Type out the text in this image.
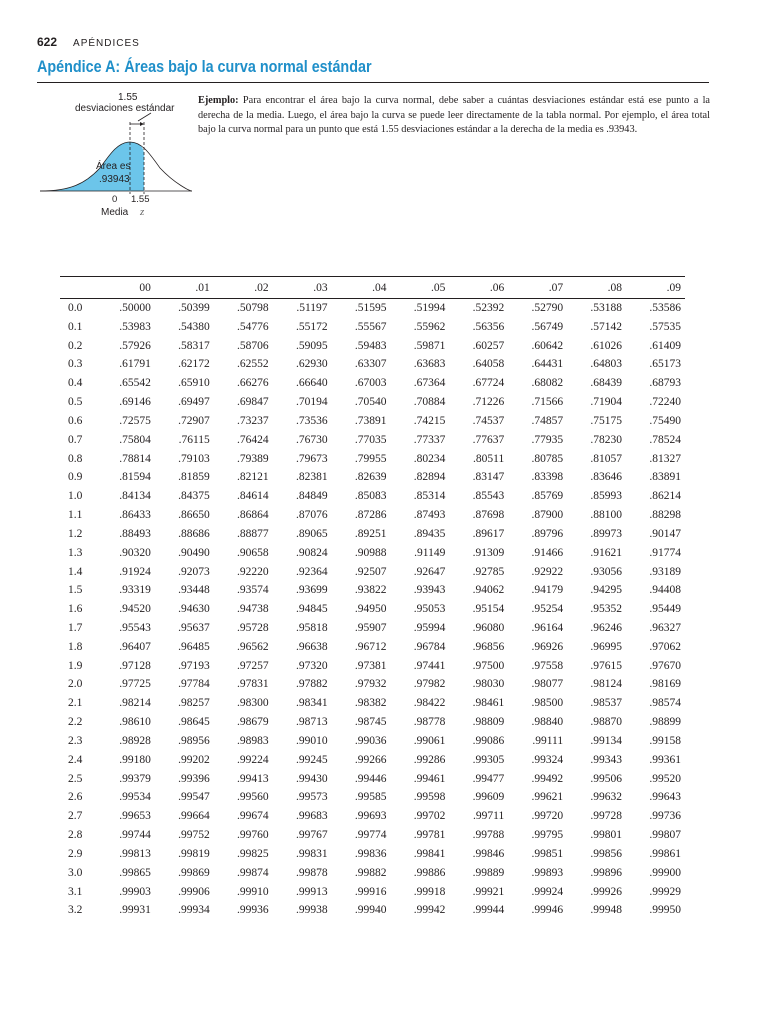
622 APÉNDICES
Apéndice A: Áreas bajo la curva normal estándar
1.55
desviaciones estándar
Área es
.93943
0 1.55
Media z

Ejemplo: Para encontrar el área bajo la curva normal, debe saber a cuántas desviaciones estándar está ese punto a la derecha de la media. Luego, el área bajo la curva se puede leer directamente de la tabla normal. Por ejemplo, el área total bajo la curva normal para un punto que está 1.55 desviaciones estándar a la derecha de la media es .93943.

	00	.01	.02	.03	.04	.05	.06	.07	.08	.09
0.0	.50000	.50399	.50798	.51197	.51595	.51994	.52392	.52790	.53188	.53586
0.1	.53983	.54380	.54776	.55172	.55567	.55962	.56356	.56749	.57142	.57535
0.2	.57926	.58317	.58706	.59095	.59483	.59871	.60257	.60642	.61026	.61409
0.3	.61791	.62172	.62552	.62930	.63307	.63683	.64058	.64431	.64803	.65173
0.4	.65542	.65910	.66276	.66640	.67003	.67364	.67724	.68082	.68439	.68793
0.5	.69146	.69497	.69847	.70194	.70540	.70884	.71226	.71566	.71904	.72240
0.6	.72575	.72907	.73237	.73536	.73891	.74215	.74537	.74857	.75175	.75490
0.7	.75804	.76115	.76424	.76730	.77035	.77337	.77637	.77935	.78230	.78524
0.8	.78814	.79103	.79389	.79673	.79955	.80234	.80511	.80785	.81057	.81327
0.9	.81594	.81859	.82121	.82381	.82639	.82894	.83147	.83398	.83646	.83891
1.0	.84134	.84375	.84614	.84849	.85083	.85314	.85543	.85769	.85993	.86214
1.1	.86433	.86650	.86864	.87076	.87286	.87493	.87698	.87900	.88100	.88298
1.2	.88493	.88686	.88877	.89065	.89251	.89435	.89617	.89796	.89973	.90147
1.3	.90320	.90490	.90658	.90824	.90988	.91149	.91309	.91466	.91621	.91774
1.4	.91924	.92073	.92220	.92364	.92507	.92647	.92785	.92922	.93056	.93189
1.5	.93319	.93448	.93574	.93699	.93822	.93943	.94062	.94179	.94295	.94408
1.6	.94520	.94630	.94738	.94845	.94950	.95053	.95154	.95254	.95352	.95449
1.7	.95543	.95637	.95728	.95818	.95907	.95994	.96080	.96164	.96246	.96327
1.8	.96407	.96485	.96562	.96638	.96712	.96784	.96856	.96926	.96995	.97062
1.9	.97128	.97193	.97257	.97320	.97381	.97441	.97500	.97558	.97615	.97670
2.0	.97725	.97784	.97831	.97882	.97932	.97982	.98030	.98077	.98124	.98169
2.1	.98214	.98257	.98300	.98341	.98382	.98422	.98461	.98500	.98537	.98574
2.2	.98610	.98645	.98679	.98713	.98745	.98778	.98809	.98840	.98870	.98899
2.3	.98928	.98956	.98983	.99010	.99036	.99061	.99086	.99111	.99134	.99158
2.4	.99180	.99202	.99224	.99245	.99266	.99286	.99305	.99324	.99343	.99361
2.5	.99379	.99396	.99413	.99430	.99446	.99461	.99477	.99492	.99506	.99520
2.6	.99534	.99547	.99560	.99573	.99585	.99598	.99609	.99621	.99632	.99643
2.7	.99653	.99664	.99674	.99683	.99693	.99702	.99711	.99720	.99728	.99736
2.8	.99744	.99752	.99760	.99767	.99774	.99781	.99788	.99795	.99801	.99807
2.9	.99813	.99819	.99825	.99831	.99836	.99841	.99846	.99851	.99856	.99861
3.0	.99865	.99869	.99874	.99878	.99882	.99886	.99889	.99893	.99896	.99900
3.1	.99903	.99906	.99910	.99913	.99916	.99918	.99921	.99924	.99926	.99929
3.2	.99931	.99934	.99936	.99938	.99940	.99942	.99944	.99946	.99948	.99950
